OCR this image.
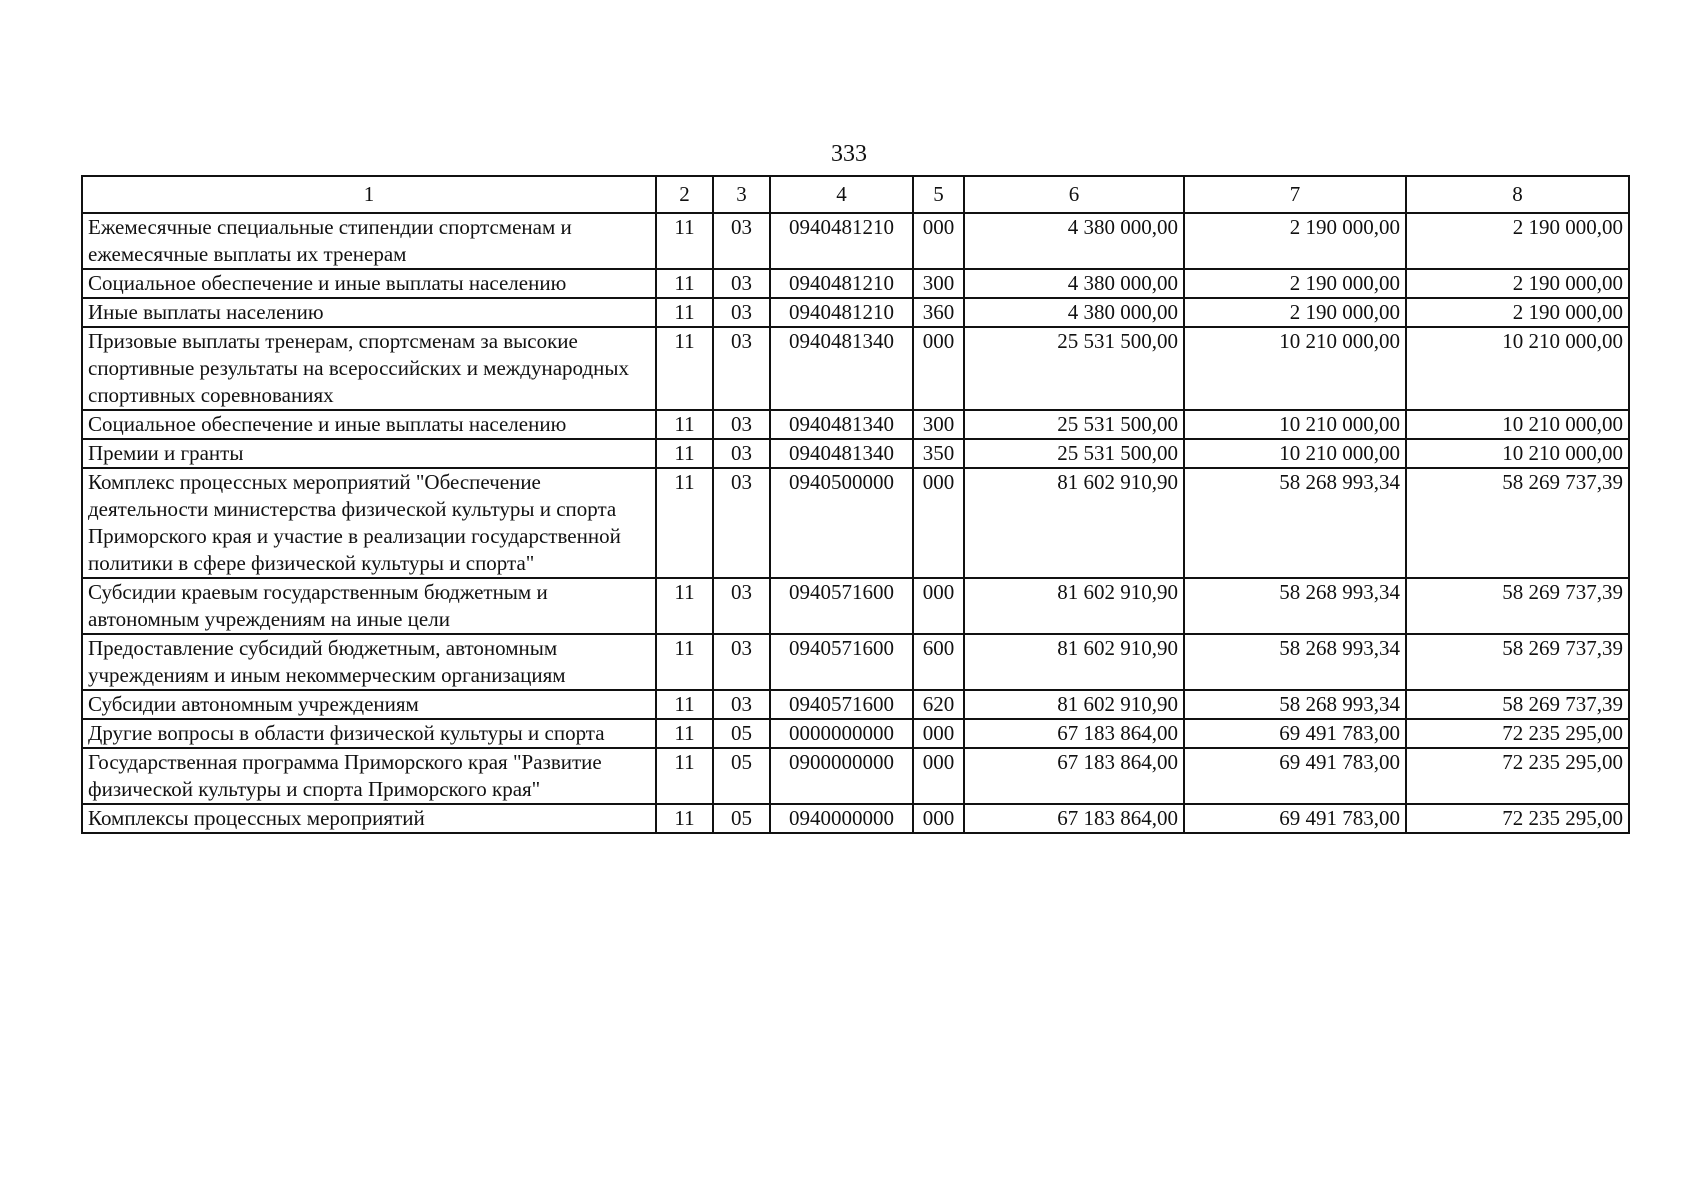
333
1	2	3	4	5	6	7	8
Ежемесячные специальные стипендии спортсменам и ежемесячные выплаты их тренерам	11	03	0940481210	000	4 380 000,00	2 190 000,00	2 190 000,00
Социальное обеспечение и иные выплаты населению	11	03	0940481210	300	4 380 000,00	2 190 000,00	2 190 000,00
Иные выплаты населению	11	03	0940481210	360	4 380 000,00	2 190 000,00	2 190 000,00
Призовые выплаты тренерам, спортсменам за высокие спортивные результаты на всероссийских и международных спортивных соревнованиях	11	03	0940481340	000	25 531 500,00	10 210 000,00	10 210 000,00
Социальное обеспечение и иные выплаты населению	11	03	0940481340	300	25 531 500,00	10 210 000,00	10 210 000,00
Премии и гранты	11	03	0940481340	350	25 531 500,00	10 210 000,00	10 210 000,00
Комплекс процессных мероприятий "Обеспечение деятельности министерства физической культуры и спорта Приморского края и участие в реализации государственной политики в сфере физической культуры и спорта"	11	03	0940500000	000	81 602 910,90	58 268 993,34	58 269 737,39
Субсидии краевым государственным бюджетным и автономным учреждениям на иные цели	11	03	0940571600	000	81 602 910,90	58 268 993,34	58 269 737,39
Предоставление субсидий бюджетным, автономным учреждениям и иным некоммерческим организациям	11	03	0940571600	600	81 602 910,90	58 268 993,34	58 269 737,39
Субсидии автономным учреждениям	11	03	0940571600	620	81 602 910,90	58 268 993,34	58 269 737,39
Другие вопросы в области физической культуры и спорта	11	05	0000000000	000	67 183 864,00	69 491 783,00	72 235 295,00
Государственная программа Приморского края "Развитие физической культуры и спорта Приморского края"	11	05	0900000000	000	67 183 864,00	69 491 783,00	72 235 295,00
Комплексы процессных мероприятий	11	05	0940000000	000	67 183 864,00	69 491 783,00	72 235 295,00
